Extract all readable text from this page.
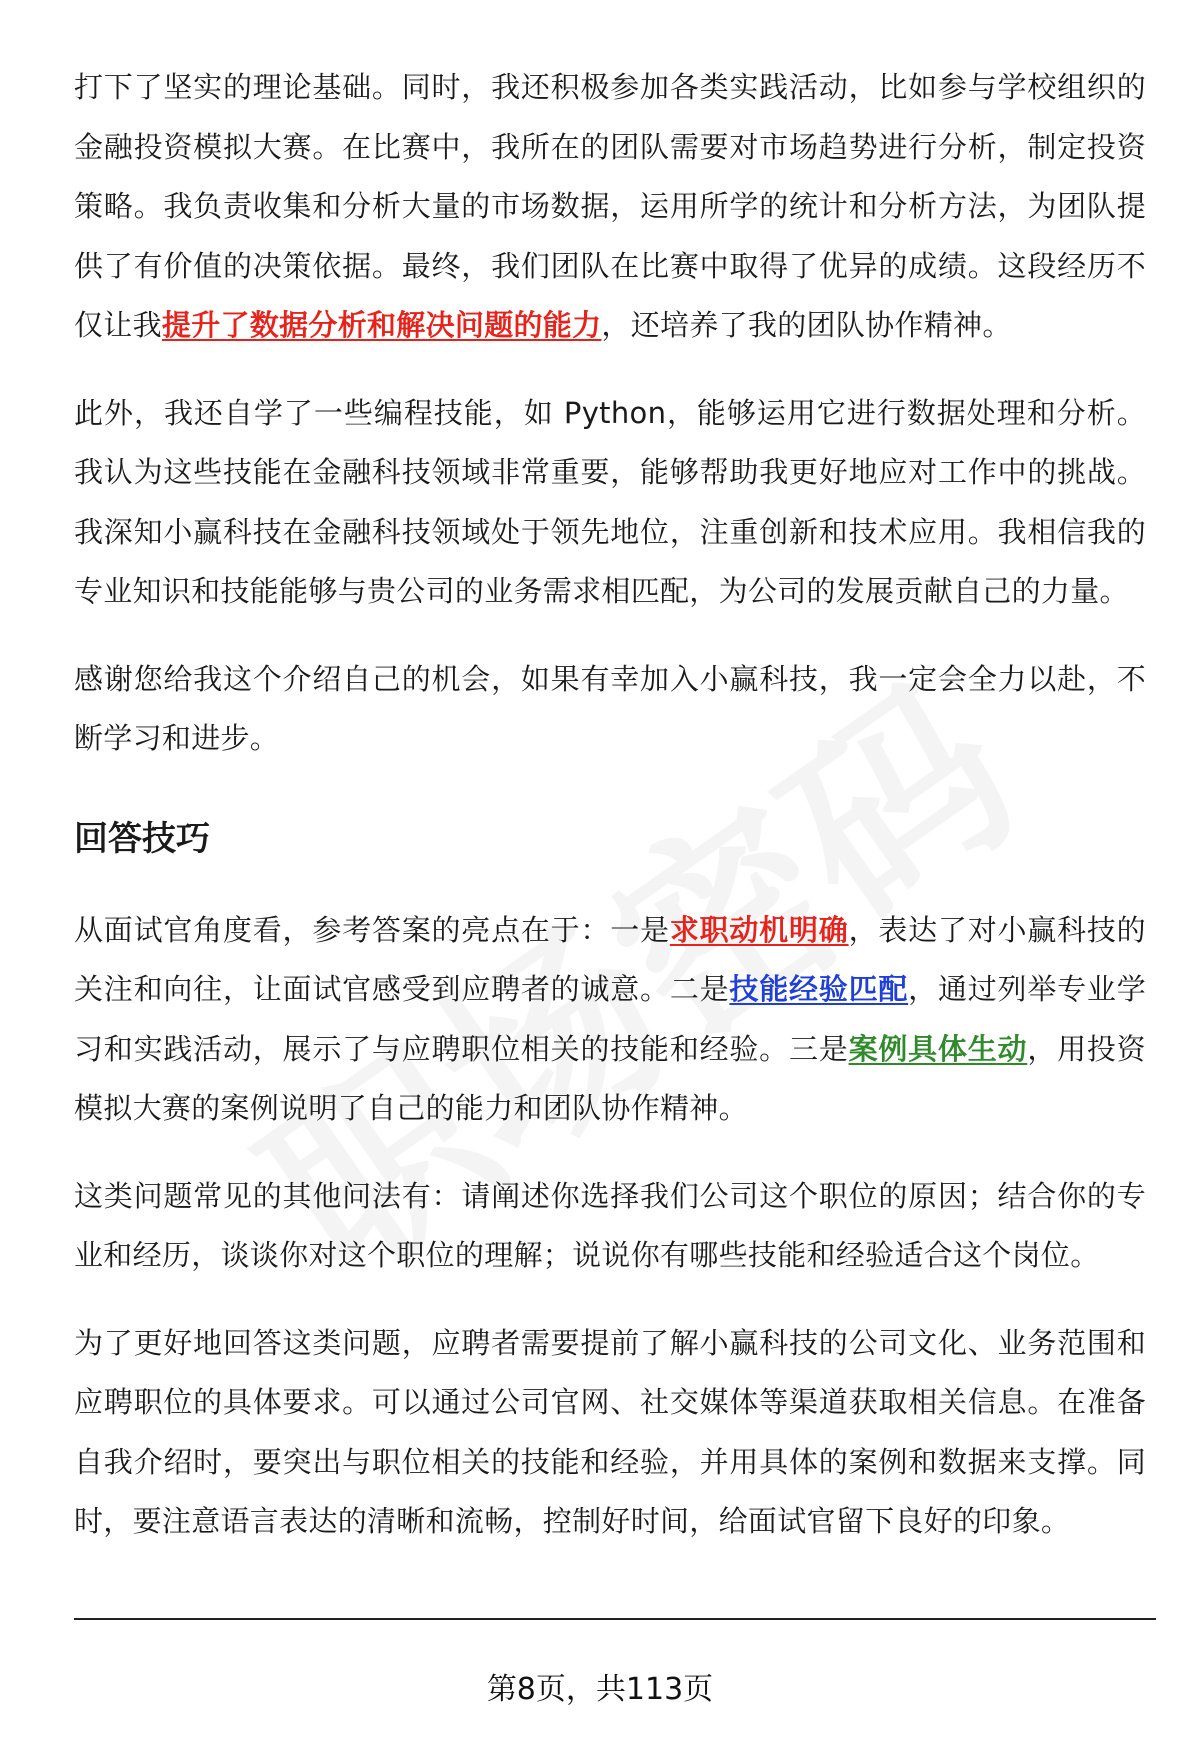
打下了坚实的理论基础。同时，我还积极参加各类实践活动，比如参与学校组织的金融投资模拟大赛。在比赛中，我所在的团队需要对市场趋势进行分析，制定投资策略。我负责收集和分析大量的市场数据，运用所学的统计和分析方法，为团队提供了有价值的决策依据。最终，我们团队在比赛中取得了优异的成绩。这段经历不仅让我提升了数据分析和解决问题的能力，还培养了我的团队协作精神。

此外，我还自学了一些编程技能，如 Python，能够运用它进行数据处理和分析。我认为这些技能在金融科技领域非常重要，能够帮助我更好地应对工作中的挑战。我深知小赢科技在金融科技领域处于领先地位，注重创新和技术应用。我相信我的专业知识和技能能够与贵公司的业务需求相匹配，为公司的发展贡献自己的力量。

感谢您给我这个介绍自己的机会，如果有幸加入小赢科技，我一定会全力以赴，不断学习和进步。

回答技巧

从面试官角度看，参考答案的亮点在于：一是求职动机明确，表达了对小赢科技的关注和向往，让面试官感受到应聘者的诚意。二是技能经验匹配，通过列举专业学习和实践活动，展示了与应聘职位相关的技能和经验。三是案例具体生动，用投资模拟大赛的案例说明了自己的能力和团队协作精神。

这类问题常见的其他问法有：请阐述你选择我们公司这个职位的原因；结合你的专业和经历，谈谈你对这个职位的理解；说说你有哪些技能和经验适合这个岗位。

为了更好地回答这类问题，应聘者需要提前了解小赢科技的公司文化、业务范围和应聘职位的具体要求。可以通过公司官网、社交媒体等渠道获取相关信息。在准备自我介绍时，要突出与职位相关的技能和经验，并用具体的案例和数据来支撑。同时，要注意语言表达的清晰和流畅，控制好时间，给面试官留下良好的印象。

第8页，共113页
